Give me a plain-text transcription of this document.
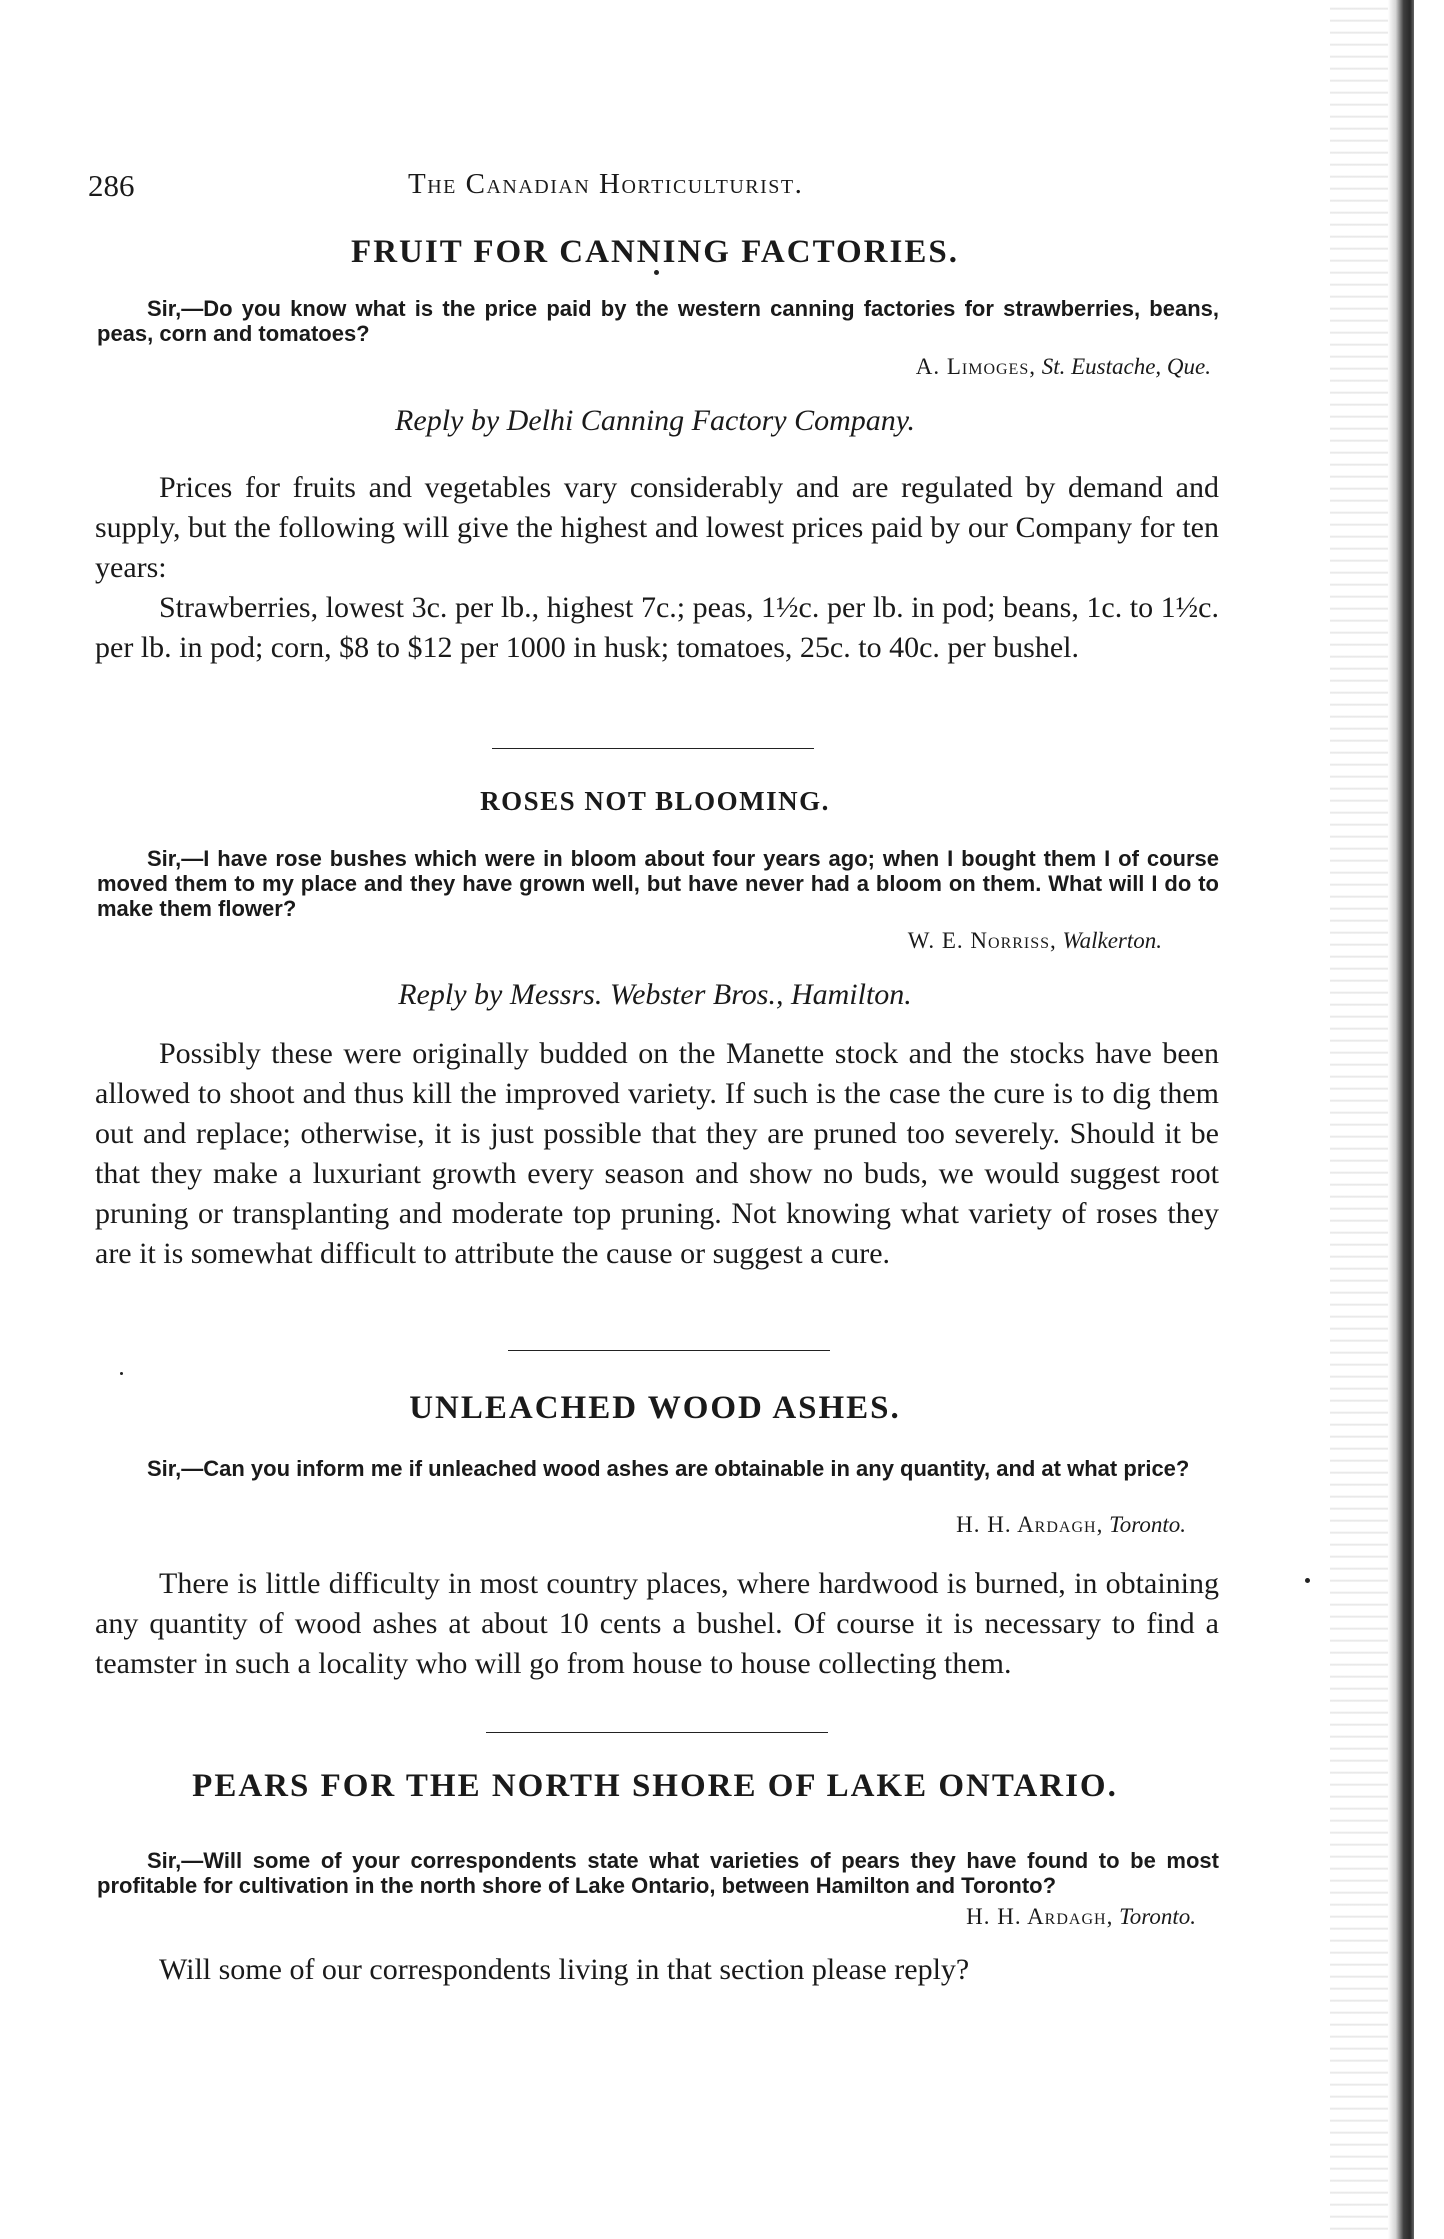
286	The Canadian Horticulturist.
FRUIT FOR CANNING FACTORIES.
Sir,—Do you know what is the price paid by the western canning factories for strawberries, beans, peas, corn and tomatoes?
A. Limoges, St. Eustache, Que.
Reply by Delhi Canning Factory Company.

Prices for fruits and vegetables vary considerably and are regulated by demand and supply, but the following will give the highest and lowest prices paid by our Company for ten years:

Strawberries, lowest 3c. per lb., highest 7c.; peas, 1½c. per lb. in pod; beans, 1c. to 1½c. per lb. in pod; corn, $8 to $12 per 1000 in husk; tomatoes, 25c. to 40c. per bushel.

ROSES NOT BLOOMING.
Sir,—I have rose bushes which were in bloom about four years ago; when I bought them I of course moved them to my place and they have grown well, but have never had a bloom on them. What will I do to make them flower?
W. E. Norriss, Walkerton.
Reply by Messrs. Webster Bros., Hamilton.

Possibly these were originally budded on the Manette stock and the stocks have been allowed to shoot and thus kill the improved variety. If such is the case the cure is to dig them out and replace; otherwise, it is just possible that they are pruned too severely. Should it be that they make a luxuriant growth every season and show no buds, we would suggest root pruning or transplanting and moderate top pruning. Not knowing what variety of roses they are it is somewhat difficult to attribute the cause or suggest a cure.

UNLEACHED WOOD ASHES.
Sir,—Can you inform me if unleached wood ashes are obtainable in any quantity, and at what price?
H. H. Ardagh, Toronto.

There is little difficulty in most country places, where hardwood is burned, in obtaining any quantity of wood ashes at about 10 cents a bushel. Of course it is necessary to find a teamster in such a locality who will go from house to house collecting them.

PEARS FOR THE NORTH SHORE OF LAKE ONTARIO.
Sir,—Will some of your correspondents state what varieties of pears they have found to be most profitable for cultivation in the north shore of Lake Ontario, between Hamilton and Toronto?
H. H. Ardagh, Toronto.

Will some of our correspondents living in that section please reply?
